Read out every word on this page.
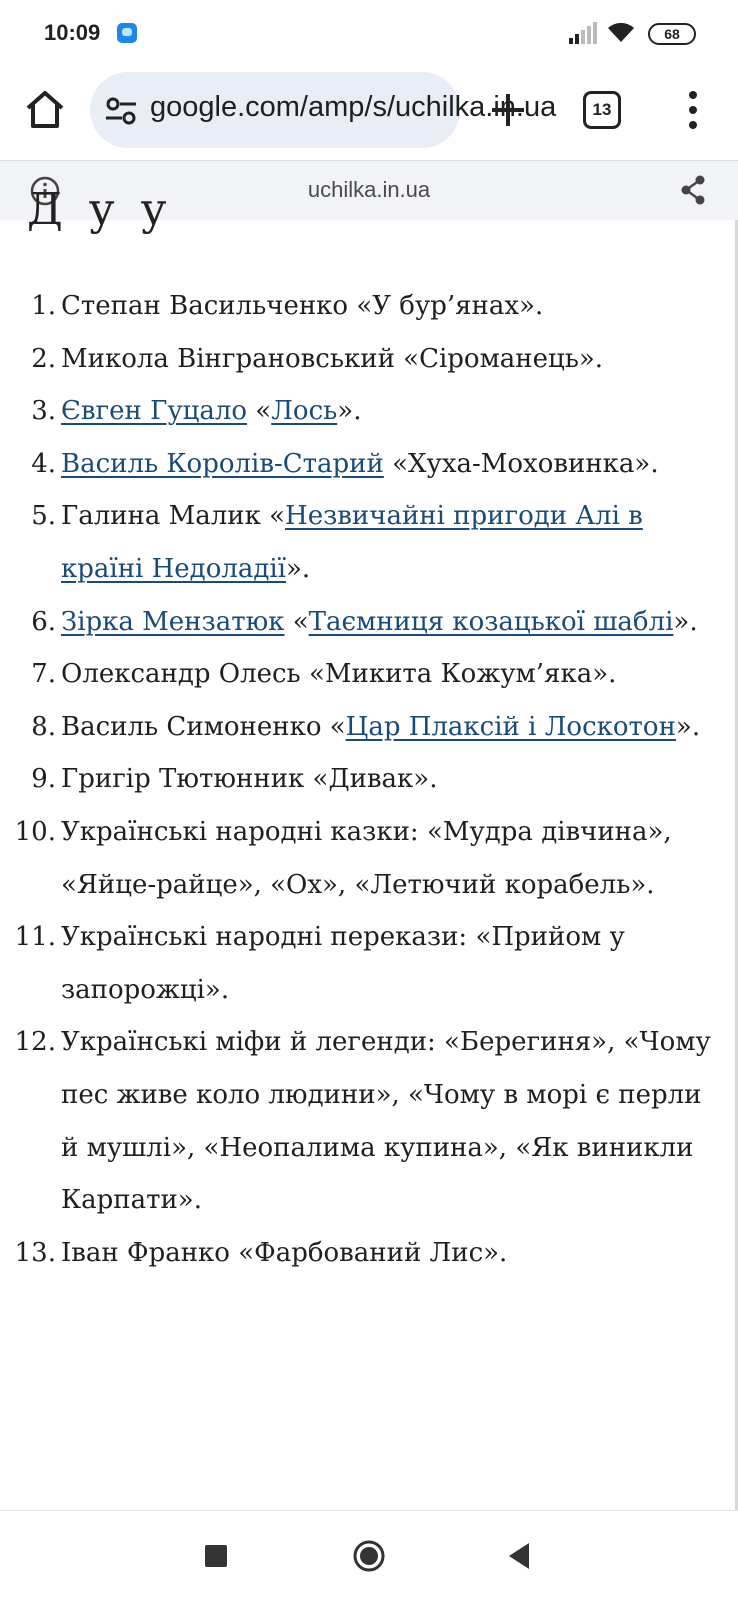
10:09	68
google.com/amp/s/uchilka.in.ua	13
uchilka.in.ua
Д у у
1. Степан Васильченко «У бур’янах».
2. Микола Вінграновський «Сіроманець».
3. Євген Гуцало «Лось».
4. Василь Королів-Старий «Хуха-Моховинка».
5. Галина Малик «Незвичайні пригоди Алі в країні Недоладії».
6. Зірка Мензатюк «Таємниця козацької шаблі».
7. Олександр Олесь «Микита Кожум’яка».
8. Василь Симоненко «Цар Плаксій і Лоскотон».
9. Григір Тютюнник «Дивак».
10. Українські народні казки: «Мудра дівчина», «Яйце-райце», «Ох», «Летючий корабель».
11. Українські народні перекази: «Прийом у запорожці».
12. Українські міфи й легенди: «Берегиня», «Чому пес живе коло людини», «Чому в морі є перли й мушлі», «Неопалима купина», «Як виникли Карпати».
13. Іван Франко «Фарбований Лис».
